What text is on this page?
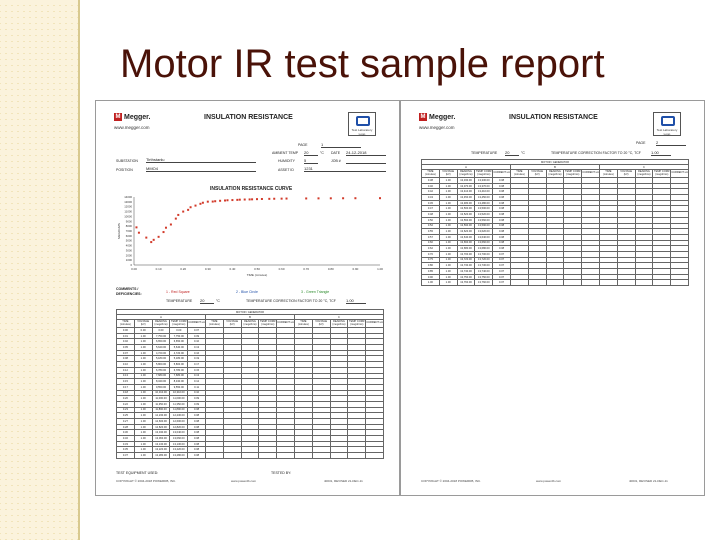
Motor IR test sample report
M Megger.
www.megger.com
INSULATION RESISTANCE
Test Laboratory Logo
PAGE	1
AMBIENT TEMP 20	°C DATE 24-12-2018
SUBSTATION Tirthstanlu	HUMIDITY 5	JOB #

POSITION	MMO4	ASSET ID	1231
INSULATION RESISTANCE CURVE
0
1000
2000
3000
4000
5000
6000
7000
8000
9000
10000
11000
12000
13000
14000
0.00	0.10	0.20	0.30	0.40	0.50	0.60	0.70	0.80	0.90	1.00
TIME (minutes)
MEGOHMS
1 - Red Square	2 - Blue Circle	3 - Green Triangle
COMMENTS / DEFICIENCIES:
TEMPERATURE 20	°C	TEMPERATURE CORRECTION FACTOR TO 20 °C, TCF	1.00
MOTOR / GENERATOR														
A					B					C				
TIME (minutes)	VOLTAGE (kV)	READING (megohms)	TEMP CORR (megohms)	CURRENT uA	TIME (minutes)	VOLTAGE (kV)	READING (megohms)	TEMP CORR (megohms)	CURRENT uA	TIME (minutes)	VOLTAGE (kV)	READING (megohms)	TEMP CORR (megohms)	CURRENT uA
0.00	0.00	0.00	0.00	0.07										
0.01	1.00	7,750.00	7,750.00	0.09										
0.02	1.00	6,650.00	6,650.00	0.10										
0.05	1.00	5,640.00	5,640.00	0.13										
0.07	1.00	4,720.00	4,720.00	0.16										
0.08	1.00	5,180.00	5,180.00	0.19										
0.10	1.00	5,800.00	5,800.00	0.17										
0.12	1.00	6,780.00	6,780.00	0.15										
0.13	1.00	7,680.00	7,680.00	0.13										
0.15	1.00	8,340.00	8,340.00	0.12										
0.17	1.00	9,550.00	9,550.00	0.11										
0.18	1.00	10,310.00	10,310.00	0.10										
0.20	1.00	11,000.00	11,000.00	0.09										
0.22	1.00	11,350.00	11,350.00	0.09										
0.23	1.00	11,890.00	11,890.00	0.08										
0.25	1.00	12,230.00	12,230.00	0.08										
0.27	1.00	12,600.00	12,600.00	0.08										
0.28	1.00	12,820.00	12,820.00	0.08										
0.30	1.00	13,040.00	13,040.00	0.08										
0.32	1.00	13,060.00	13,060.00	0.08										
0.33	1.00	13,130.00	13,130.00	0.08										
0.35	1.00	13,220.00	13,220.00	0.08										
0.37	1.00	13,280.00	13,280.00	0.08										
TEST EQUIPMENT USED:	TESTED BY:
COPYRIGHT © 2004-2018 POWERDB, INC.	www.powerdb.com	40031, REVISED 21-DEC-11
M Megger.
www.megger.com
INSULATION RESISTANCE
Test Laboratory Logo
PAGE	2
TEMPERATURE 20	°C	TEMPERATURE CORRECTION FACTOR TO 20 °C, TCF	1.00
MOTOR / GENERATOR														
A					B					C				
TIME (minutes)	VOLTAGE (kV)	READING (megohms)	TEMP CORR (megohms)	CURRENT uA	TIME (minutes)	VOLTAGE (kV)	READING (megohms)	TEMP CORR (megohms)	CURRENT uA	TIME (minutes)	VOLTAGE (kV)	READING (megohms)	TEMP CORR (megohms)	CURRENT uA
0.38	1.00	13,330.00	13,330.00	0.08										
0.40	1.00	13,370.00	13,370.00	0.08										
0.42	1.00	13,410.00	13,410.00	0.08										
0.43	1.00	13,450.00	13,450.00	0.08										
0.45	1.00	13,480.00	13,480.00	0.08										
0.47	1.00	13,500.00	13,500.00	0.08										
0.48	1.00	13,520.00	13,520.00	0.08										
0.50	1.00	13,560.00	13,560.00	0.08										
0.52	1.00	13,590.00	13,590.00	0.08										
0.55	1.00	13,620.00	13,620.00	0.08										
0.57	1.00	13,640.00	13,640.00	0.08										
0.60	1.00	13,660.00	13,660.00	0.08										
0.62	1.00	13,680.00	13,680.00	0.08										
0.70	1.00	13,700.00	13,700.00	0.07										
0.75	1.00	13,720.00	13,720.00	0.07										
0.80	1.00	13,730.00	13,730.00	0.07										
0.85	1.00	13,740.00	13,740.00	0.07										
0.90	1.00	13,750.00	13,750.00	0.07										
1.00	1.00	13,760.00	13,760.00	0.07										
COPYRIGHT © 2004-2018 POWERDB, INC.	www.powerdb.com	40031, REVISED 21-DEC-11
